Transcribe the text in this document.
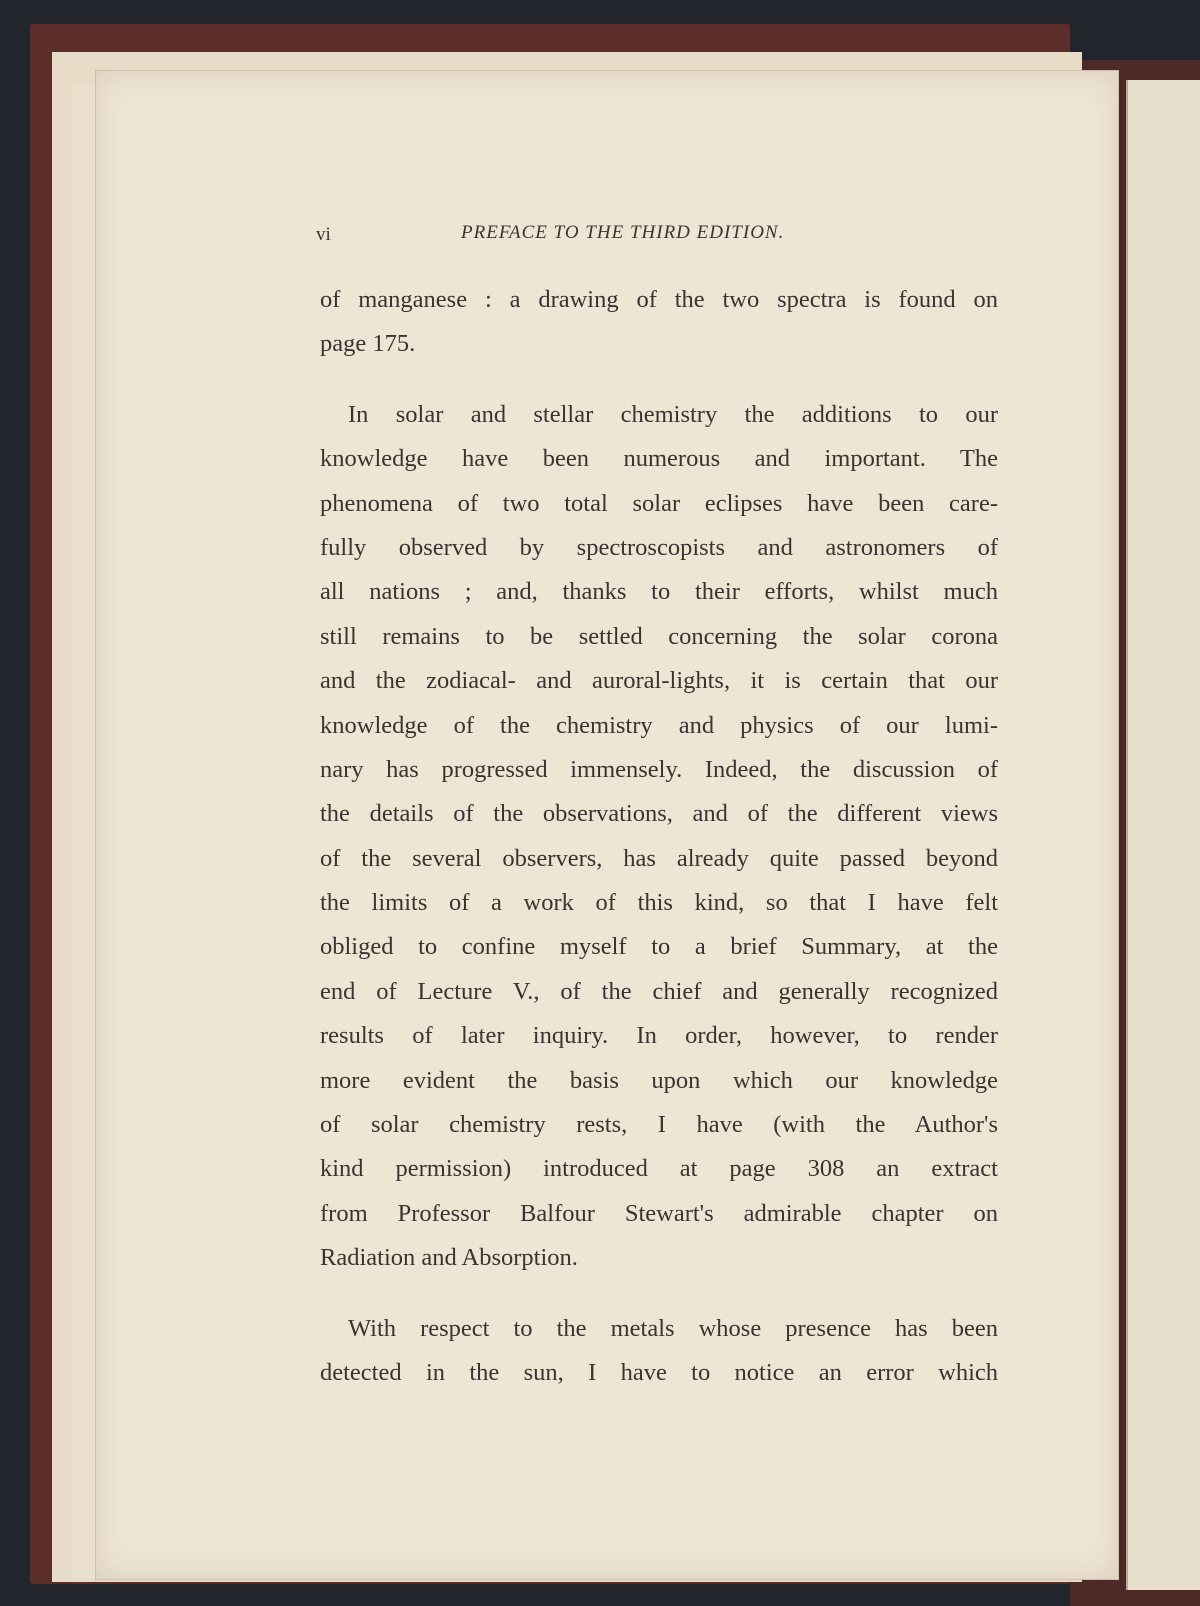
vi	PREFACE TO THE THIRD EDITION.
of manganese : a drawing of the two spectra is found on
page 175.
In solar and stellar chemistry the additions to our
knowledge have been numerous and important. The
phenomena of two total solar eclipses have been care-
fully observed by spectroscopists and astronomers of
all nations ; and, thanks to their efforts, whilst much
still remains to be settled concerning the solar corona
and the zodiacal- and auroral-lights, it is certain that our
knowledge of the chemistry and physics of our lumi-
nary has progressed immensely. Indeed, the discussion of
the details of the observations, and of the different views
of the several observers, has already quite passed beyond
the limits of a work of this kind, so that I have felt
obliged to confine myself to a brief Summary, at the
end of Lecture V., of the chief and generally recognized
results of later inquiry. In order, however, to render
more evident the basis upon which our knowledge
of solar chemistry rests, I have (with the Author's
kind permission) introduced at page 308 an extract
from Professor Balfour Stewart's admirable chapter on
Radiation and Absorption.
With respect to the metals whose presence has been
detected in the sun, I have to notice an error which
